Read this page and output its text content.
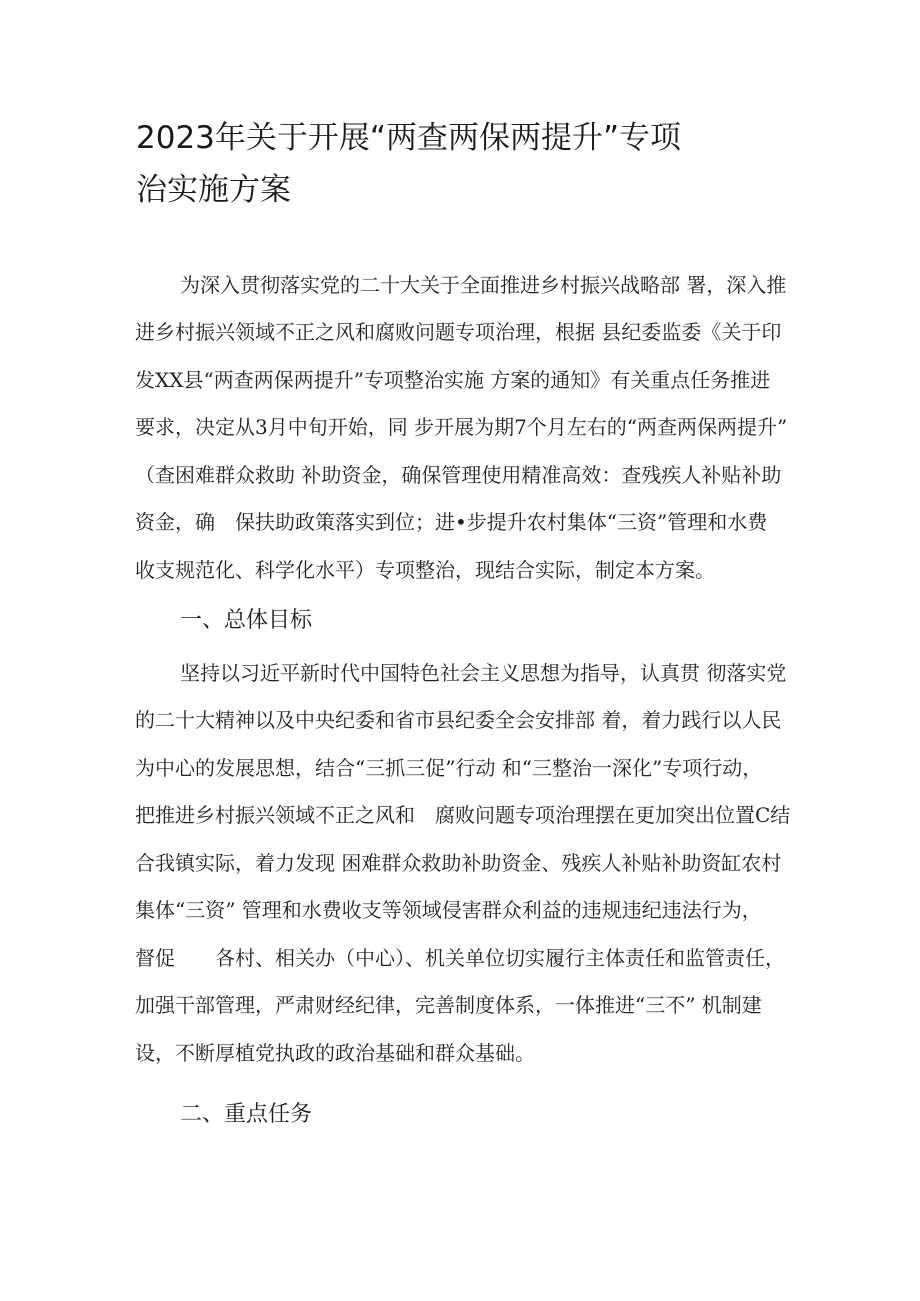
2023年关于开展“两查两保两提升”专项
治实施方案
为深入贯彻落实党的二十大关于全面推进乡村振兴战略部 署，深入推
进乡村振兴领域不正之风和腐败问题专项治理，根据 县纪委监委《关于印
发XX县“两查两保两提升”专项整治实施 方案的通知》有关重点任务推进
要求，决定从3月中旬开始，同 步开展为期7个月左右的“两查两保两提升”
（查困难群众救助 补助资金，确保管理使用精准高效：查残疾人补贴补助
资金，确　保扶助政策落实到位；进•步提升农村集体“三资”管理和水费
收支规范化、科学化水平）专项整治，现结合实际，制定本方案。
一、总体目标
坚持以习近平新时代中国特色社会主义思想为指导，认真贯 彻落实党
的二十大精神以及中央纪委和省市县纪委全会安排部 着，着力践行以人民
为中心的发展思想，结合“三抓三促”行动 和“三整治一深化”专项行动，
把推进乡村振兴领域不正之风和　腐败问题专项治理摆在更加突出位置C结
合我镇实际，着力发现 困难群众救助补助资金、残疾人补贴补助资缸农村
集体“三资” 管理和水费收支等领域侵害群众利益的违规违纪违法行为，
督促　　各村、相关办（中心）、机关单位切实履行主体责任和监管责任，
加强干部管理，严肃财经纪律，完善制度体系，一体推进“三不” 机制建
设，不断厚植党执政的政治基础和群众基础。
二、重点任务
